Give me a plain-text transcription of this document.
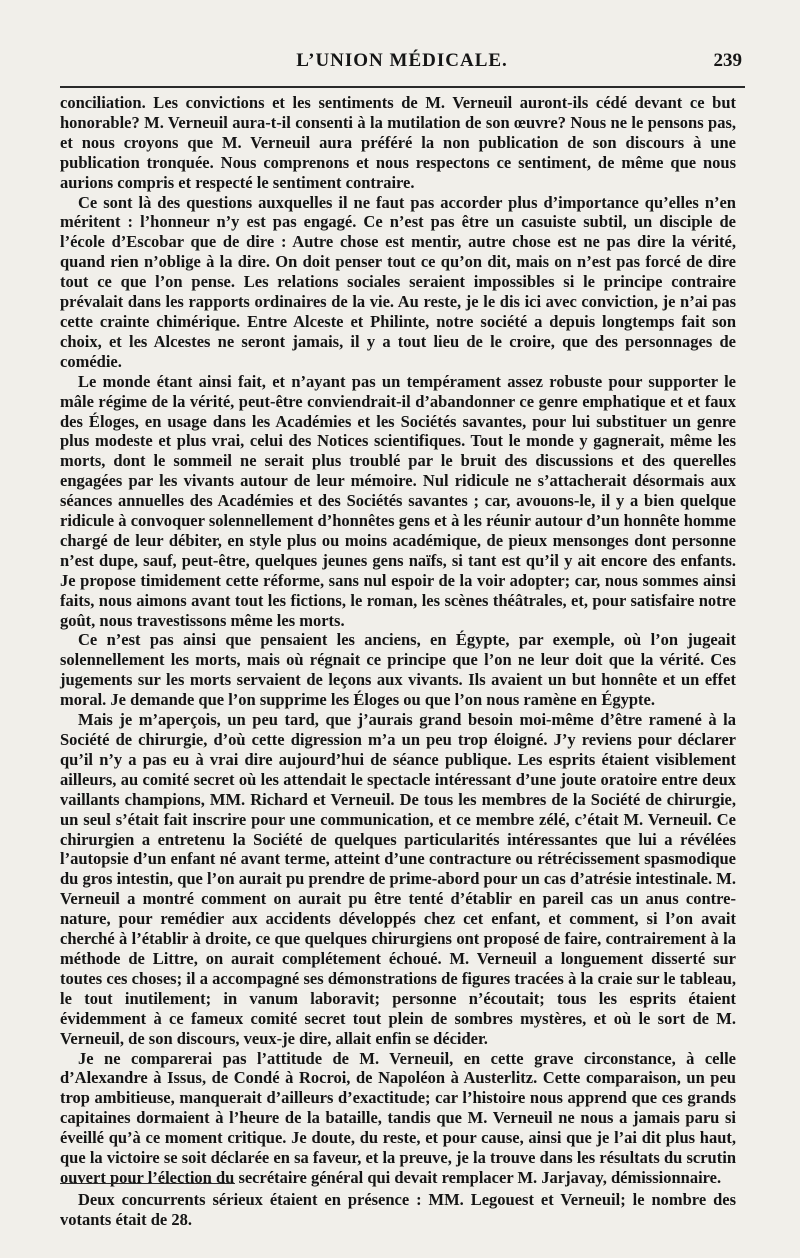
L’UNION MÉDICALE.	239

conciliation. Les convictions et les sentiments de M. Verneuil auront-ils cédé devant ce but honorable? M. Verneuil aura-t-il consenti à la mutilation de son œuvre? Nous ne le pensons pas, et nous croyons que M. Verneuil aura préféré la non publication de son discours à une publication tronquée. Nous comprenons et nous respectons ce sentiment, de même que nous aurions compris et respecté le sentiment contraire.

Ce sont là des questions auxquelles il ne faut pas accorder plus d’importance qu’elles n’en méritent : l’honneur n’y est pas engagé. Ce n’est pas être un casuiste subtil, un disciple de l’école d’Escobar que de dire : Autre chose est mentir, autre chose est ne pas dire la vérité, quand rien n’oblige à la dire. On doit penser tout ce qu’on dit, mais on n’est pas forcé de dire tout ce que l’on pense. Les relations sociales seraient impossibles si le principe contraire prévalait dans les rapports ordinaires de la vie. Au reste, je le dis ici avec conviction, je n’ai pas cette crainte chimérique. Entre Alceste et Philinte, notre société a depuis longtemps fait son choix, et les Alcestes ne seront jamais, il y a tout lieu de le croire, que des personnages de comédie.

Le monde étant ainsi fait, et n’ayant pas un tempérament assez robuste pour supporter le mâle régime de la vérité, peut-être conviendrait-il d’abandonner ce genre emphatique et et faux des Éloges, en usage dans les Académies et les Sociétés savantes, pour lui substituer un genre plus modeste et plus vrai, celui des Notices scientifiques. Tout le monde y gagnerait, même les morts, dont le sommeil ne serait plus troublé par le bruit des discussions et des querelles engagées par les vivants autour de leur mémoire. Nul ridicule ne s’attacherait désormais aux séances annuelles des Académies et des Sociétés savantes ; car, avouons-le, il y a bien quelque ridicule à convoquer solennellement d’honnêtes gens et à les réunir autour d’un honnête homme chargé de leur débiter, en style plus ou moins académique, de pieux mensonges dont personne n’est dupe, sauf, peut-être, quelques jeunes gens naïfs, si tant est qu’il y ait encore des enfants. Je propose timidement cette réforme, sans nul espoir de la voir adopter; car, nous sommes ainsi faits, nous aimons avant tout les fictions, le roman, les scènes théâtrales, et, pour satisfaire notre goût, nous travestissons même les morts.

Ce n’est pas ainsi que pensaient les anciens, en Égypte, par exemple, où l’on jugeait solennellement les morts, mais où régnait ce principe que l’on ne leur doit que la vérité. Ces jugements sur les morts servaient de leçons aux vivants. Ils avaient un but honnête et un effet moral. Je demande que l’on supprime les Éloges ou que l’on nous ramène en Égypte.

Mais je m’aperçois, un peu tard, que j’aurais grand besoin moi-même d’être ramené à la Société de chirurgie, d’où cette digression m’a un peu trop éloigné. J’y reviens pour déclarer qu’il n’y a pas eu à vrai dire aujourd’hui de séance publique. Les esprits étaient visiblement ailleurs, au comité secret où les attendait le spectacle intéressant d’une joute oratoire entre deux vaillants champions, MM. Richard et Verneuil. De tous les membres de la Société de chirurgie, un seul s’était fait inscrire pour une communication, et ce membre zélé, c’était M. Verneuil. Ce chirurgien a entretenu la Société de quelques particularités intéressantes que lui a révélées l’autopsie d’un enfant né avant terme, atteint d’une contracture ou rétrécissement spasmodique du gros intestin, que l’on aurait pu prendre de prime-abord pour un cas d’atrésie intestinale. M. Verneuil a montré comment on aurait pu être tenté d’établir en pareil cas un anus contre-nature, pour remédier aux accidents développés chez cet enfant, et comment, si l’on avait cherché à l’établir à droite, ce que quelques chirurgiens ont proposé de faire, contrairement à la méthode de Littre, on aurait complétement échoué. M. Verneuil a longuement disserté sur toutes ces choses; il a accompagné ses démonstrations de figures tracées à la craie sur le tableau, le tout inutilement; in vanum laboravit; personne n’écoutait; tous les esprits étaient évidemment à ce fameux comité secret tout plein de sombres mystères, et où le sort de M. Verneuil, de son discours, veux-je dire, allait enfin se décider.

Je ne comparerai pas l’attitude de M. Verneuil, en cette grave circonstance, à celle d’Alexandre à Issus, de Condé à Rocroi, de Napoléon à Austerlitz. Cette comparaison, un peu trop ambitieuse, manquerait d’ailleurs d’exactitude; car l’histoire nous apprend que ces grands capitaines dormaient à l’heure de la bataille, tandis que M. Verneuil ne nous a jamais paru si éveillé qu’à ce moment critique. Je doute, du reste, et pour cause, ainsi que je l’ai dit plus haut, que la victoire se soit déclarée en sa faveur, et la preuve, je la trouve dans les résultats du scrutin ouvert pour l’élection du secrétaire général qui devait remplacer M. Jarjavay, démissionnaire.

Deux concurrents sérieux étaient en présence : MM. Legouest et Verneuil; le nombre des votants était de 28.
